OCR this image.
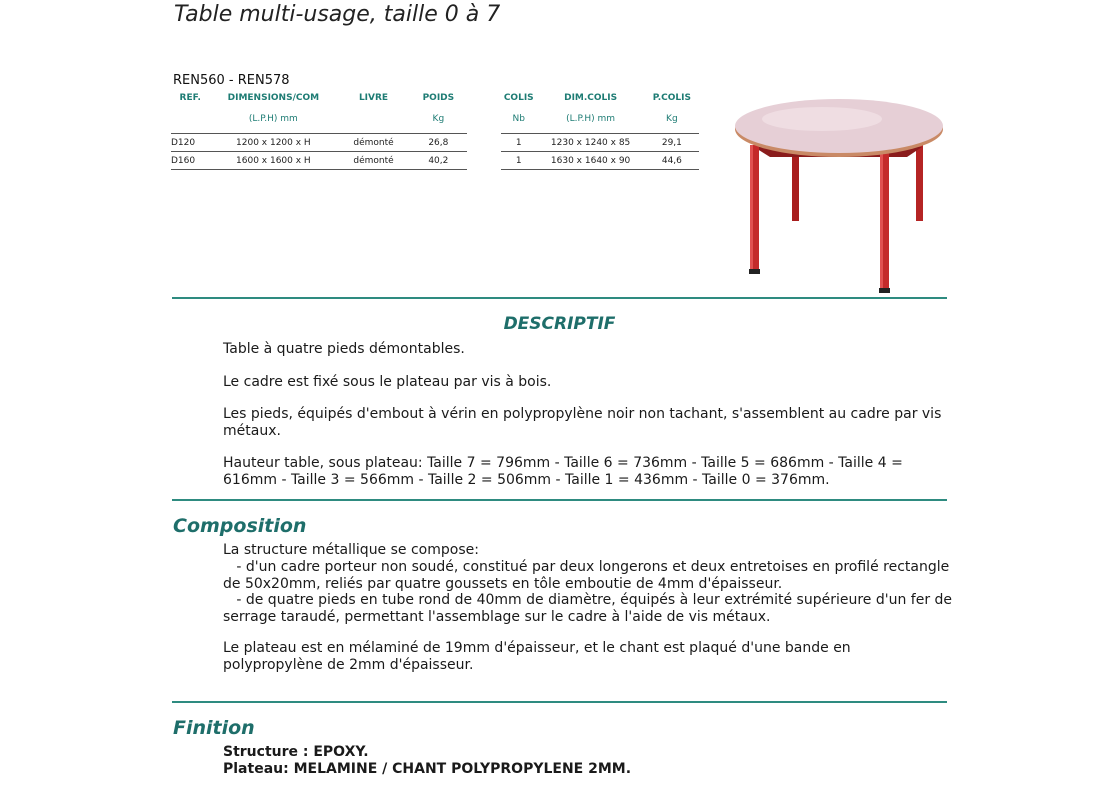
Table multi-usage, taille 0 à 7
REN560 - REN578
REF.	DIMENSIONS/COM	LIVRE	POIDS
	(L.P.H) mm		Kg
D120	1200 x 1200 x H	démonté	26,8
D160	1600 x 1600 x H	démonté	40,2
COLIS	DIM.COLIS	P.COLIS
Nb	(L.P.H) mm	Kg
1	1230 x 1240 x 85	29,1
1	1630 x 1640 x 90	44,6
DESCRIPTIF

Table à quatre pieds démontables.

Le cadre est fixé sous le plateau par vis à bois.

Les pieds, équipés d'embout à vérin en polypropylène noir non tachant, s'assemblent au cadre par vis métaux.

Hauteur table, sous plateau: Taille 7 = 796mm - Taille 6 = 736mm - Taille 5 = 686mm - Taille 4 = 616mm - Taille 3 = 566mm - Taille 2 = 506mm - Taille 1 = 436mm - Taille 0 = 376mm.

Composition

La structure métallique se compose:

- d'un cadre porteur non soudé, constitué par deux longerons et deux entretoises en profilé rectangle de 50x20mm, reliés par quatre goussets en tôle emboutie de 4mm d'épaisseur.

- de quatre pieds en tube rond de 40mm de diamètre, équipés à leur extrémité supérieure d'un fer de serrage taraudé, permettant l'assemblage sur le cadre à l'aide de vis métaux.

Le plateau est en mélaminé de 19mm d'épaisseur, et le chant est plaqué d'une bande en polypropylène de 2mm d'épaisseur.

Finition
Structure : EPOXY.
Plateau: MELAMINE / CHANT POLYPROPYLENE 2MM.
